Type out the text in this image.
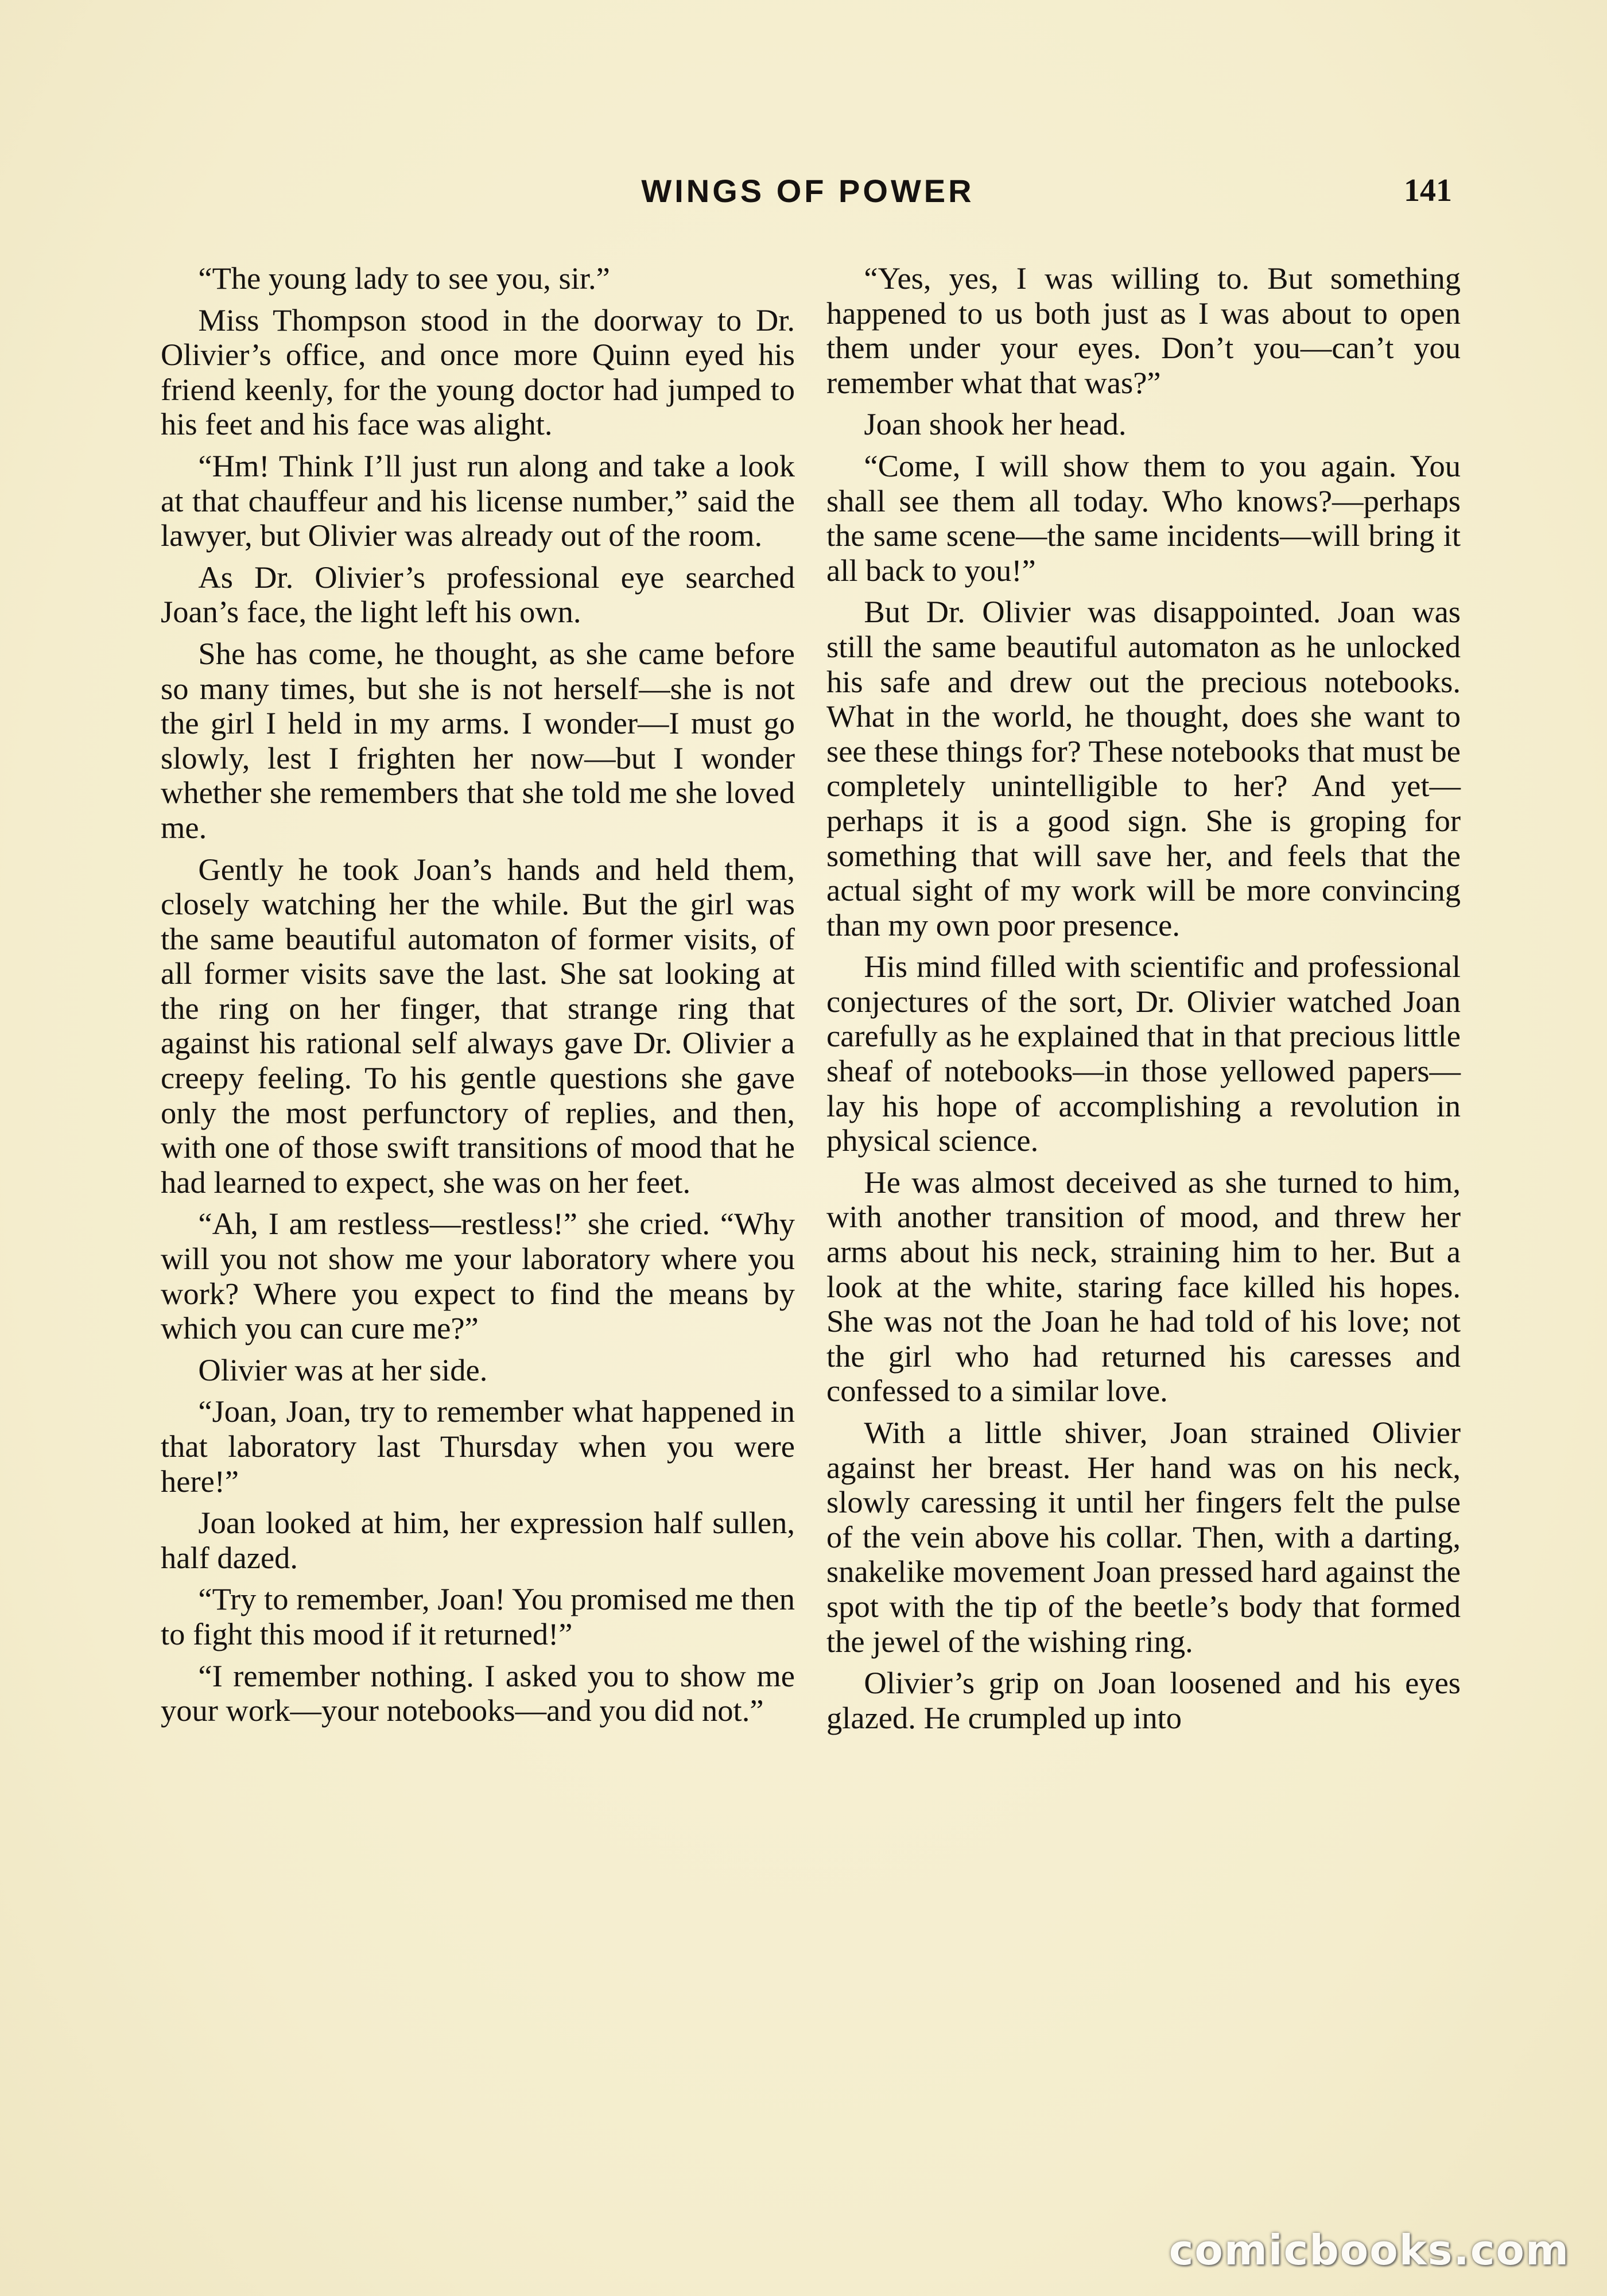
WINGS OF POWER	141

“The young lady to see you, sir.”

Miss Thompson stood in the doorway to Dr. Olivier’s office, and once more Quinn eyed his friend keenly, for the young doctor had jumped to his feet and his face was alight.

“Hm! Think I’ll just run along and take a look at that chauffeur and his license number,” said the lawyer, but Olivier was already out of the room.

As Dr. Olivier’s professional eye searched Joan’s face, the light left his own.

She has come, he thought, as she came before so many times, but she is not herself—she is not the girl I held in my arms. I wonder—I must go slowly, lest I frighten her now—but I wonder whether she remembers that she told me she loved me.

Gently he took Joan’s hands and held them, closely watching her the while. But the girl was the same beautiful automaton of former visits, of all former visits save the last. She sat looking at the ring on her finger, that strange ring that against his rational self always gave Dr. Olivier a creepy feeling. To his gentle questions she gave only the most perfunctory of replies, and then, with one of those swift transitions of mood that he had learned to expect, she was on her feet.

“Ah, I am restless—restless!” she cried. “Why will you not show me your laboratory where you work? Where you expect to find the means by which you can cure me?”

Olivier was at her side.

“Joan, Joan, try to remember what happened in that laboratory last Thursday when you were here!”

Joan looked at him, her expression half sullen, half dazed.

“Try to remember, Joan! You promised me then to fight this mood if it returned!”

“I remember nothing. I asked you to show me your work—your notebooks—and you did not.”

“Yes, yes, I was willing to. But something happened to us both just as I was about to open them under your eyes. Don’t you—can’t you remember what that was?”

Joan shook her head.

“Come, I will show them to you again. You shall see them all today. Who knows?—perhaps the same scene—the same incidents—will bring it all back to you!”

But Dr. Olivier was disappointed. Joan was still the same beautiful automaton as he unlocked his safe and drew out the precious notebooks. What in the world, he thought, does she want to see these things for? These notebooks that must be completely unintelligible to her? And yet—perhaps it is a good sign. She is groping for something that will save her, and feels that the actual sight of my work will be more convincing than my own poor presence.

His mind filled with scientific and professional conjectures of the sort, Dr. Olivier watched Joan carefully as he explained that in that precious little sheaf of notebooks—in those yellowed papers—lay his hope of accomplishing a revolution in physical science.

He was almost deceived as she turned to him, with another transition of mood, and threw her arms about his neck, straining him to her. But a look at the white, staring face killed his hopes. She was not the Joan he had told of his love; not the girl who had returned his caresses and confessed to a similar love.

With a little shiver, Joan strained Olivier against her breast. Her hand was on his neck, slowly caressing it until her fingers felt the pulse of the vein above his collar. Then, with a darting, snakelike movement Joan pressed hard against the spot with the tip of the beetle’s body that formed the jewel of the wishing ring.

Olivier’s grip on Joan loosened and his eyes glazed. He crumpled up into

comicbooks.com
